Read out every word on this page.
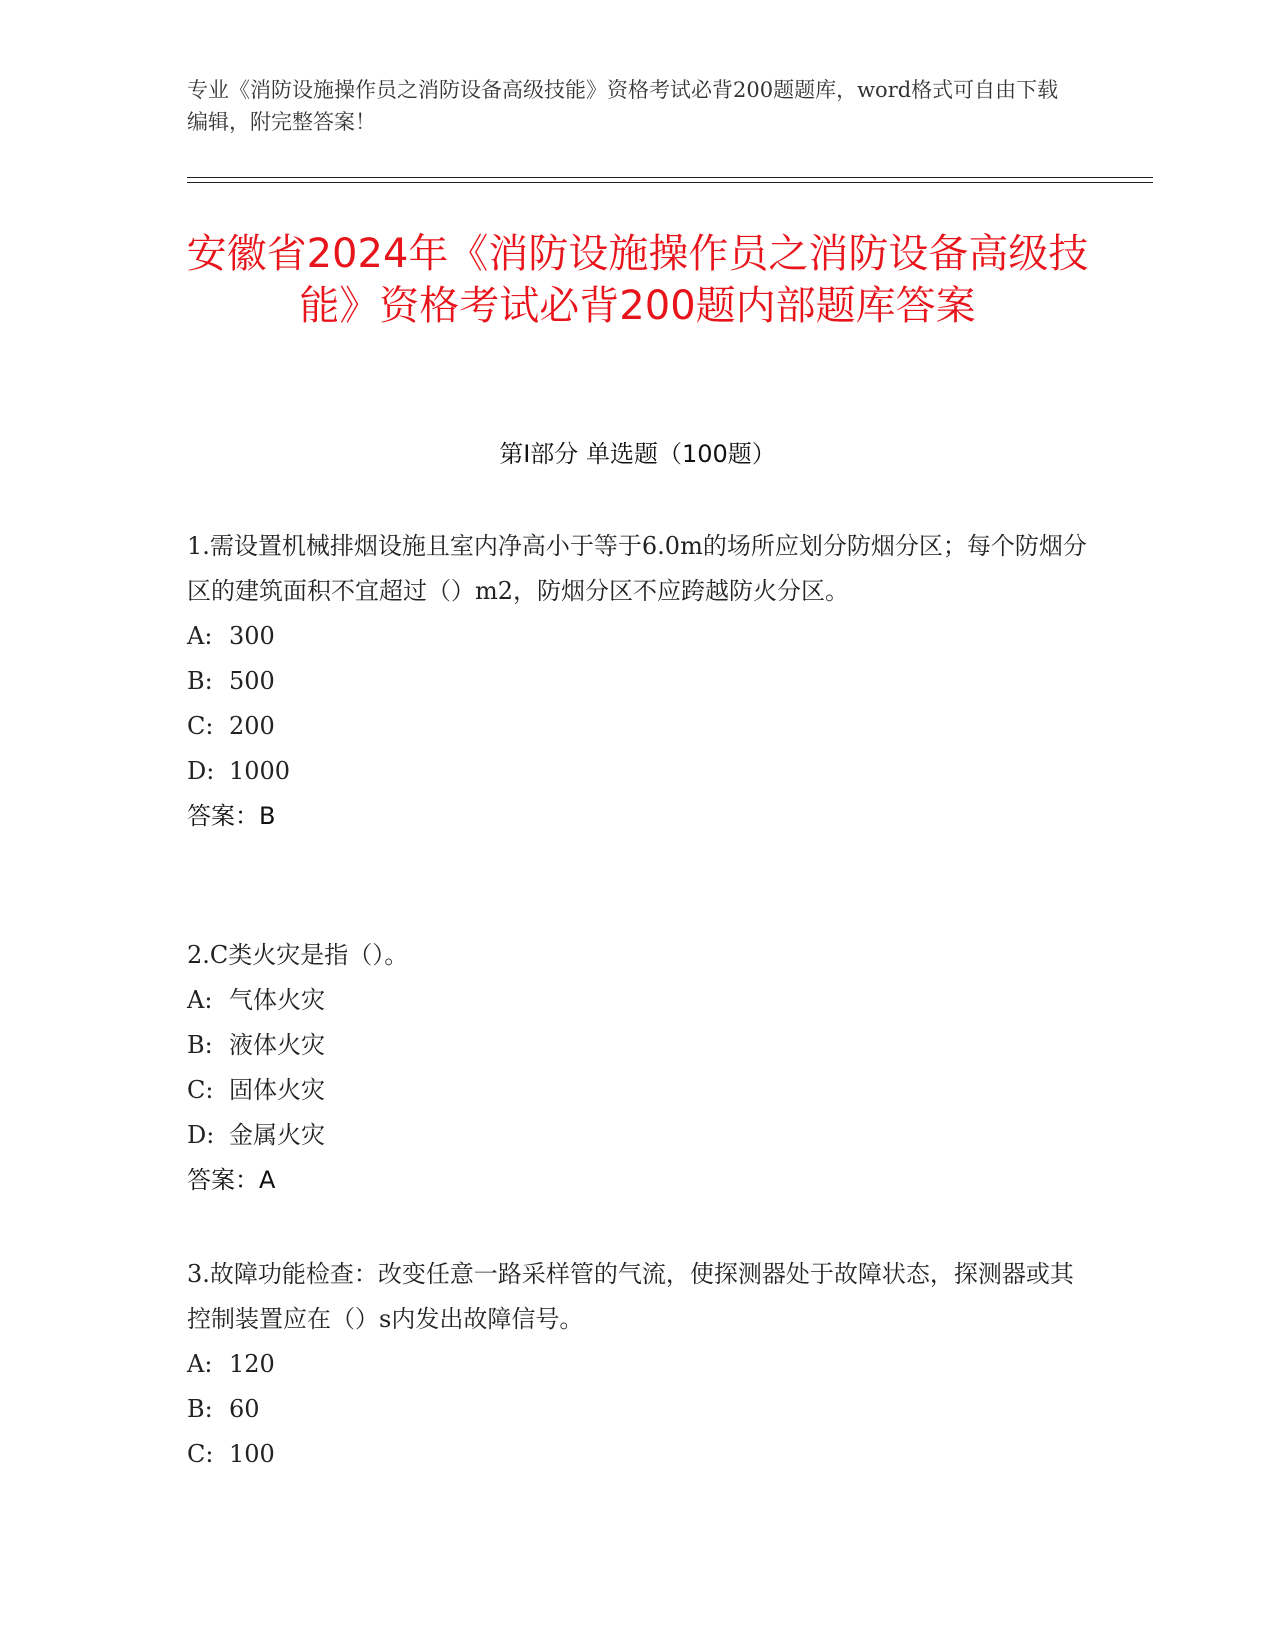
专业《消防设施操作员之消防设备高级技能》资格考试必背200题题库，word格式可自由下载编辑，附完整答案！
安徽省2024年《消防设施操作员之消防设备高级技能》资格考试必背200题内部题库答案
第I部分 单选题（100题）

1.需设置机械排烟设施且室内净高小于等于6.0m的场所应划分防烟分区；每个防烟分区的建筑面积不宜超过（）m2，防烟分区不应跨越防火分区。

A: 300

B: 500

C: 200

D: 1000

答案：B

2.C类火灾是指（）。

A: 气体火灾

B: 液体火灾

C: 固体火灾

D: 金属火灾

答案：A

3.故障功能检查：改变任意一路采样管的气流，使探测器处于故障状态，探测器或其控制装置应在（）s内发出故障信号。

A: 120

B: 60

C: 100
